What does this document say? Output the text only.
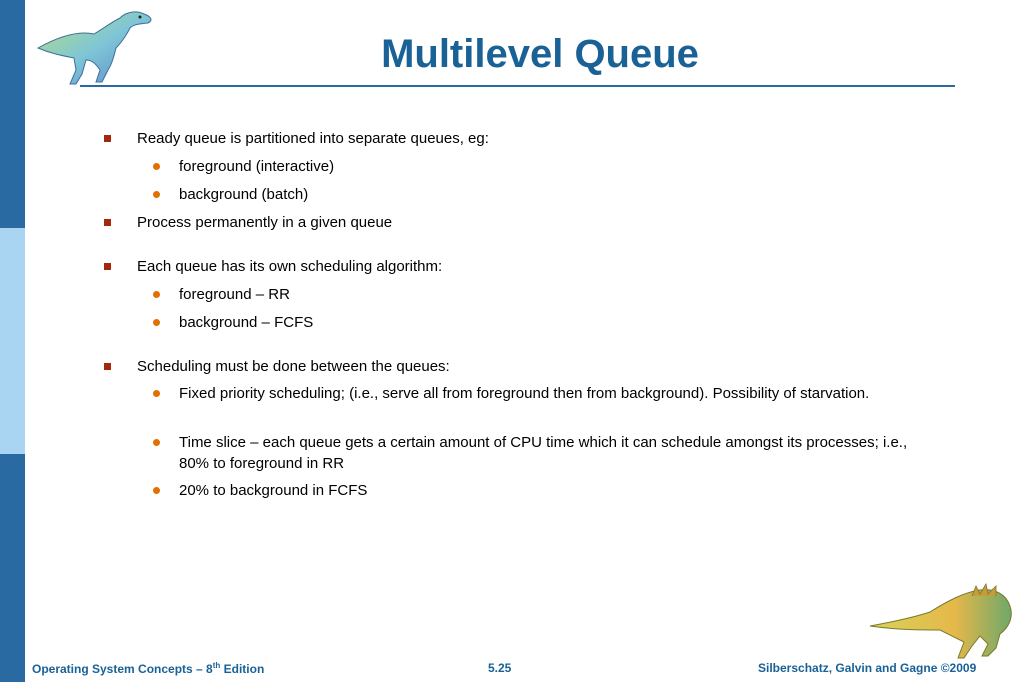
Multilevel Queue
Ready queue is partitioned into separate queues, eg:
foreground (interactive)
background (batch)
Process permanently in a given queue
Each queue has its own scheduling algorithm:
foreground – RR
background – FCFS
Scheduling must be done between the queues:
Fixed priority scheduling; (i.e., serve all from foreground then from background). Possibility of starvation.
Time slice – each queue gets a certain amount of CPU time which it can schedule amongst its processes; i.e., 80% to foreground in RR
20% to background in FCFS
Operating System Concepts – 8th Edition	5.25	Silberschatz, Galvin and Gagne ©2009
